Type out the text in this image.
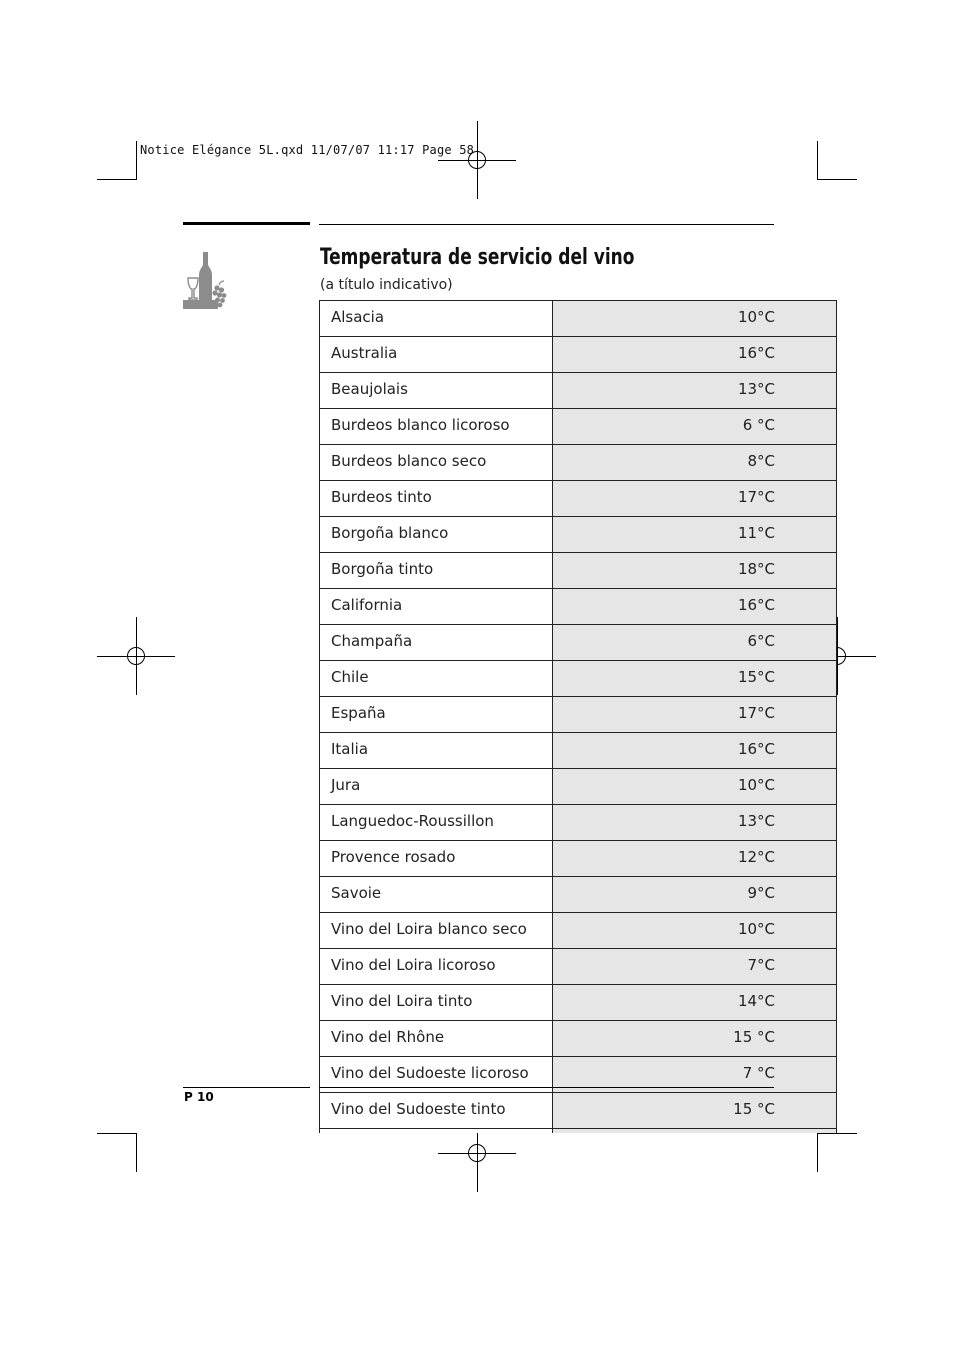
Notice Elégance 5L.qxd 11/07/07 11:17 Page 58
Temperatura de servicio del vino
(a título indicativo)
Alsacia	10°C
Australia	16°C
Beaujolais	13°C
Burdeos blanco licoroso	6 °C
Burdeos blanco seco	8°C
Burdeos tinto	17°C
Borgoña blanco	11°C
Borgoña tinto	18°C
California	16°C
Champaña	6°C
Chile	15°C
España	17°C
Italia	16°C
Jura	10°C
Languedoc-Roussillon	13°C
Provence rosado	12°C
Savoie	9°C
Vino del Loira blanco seco	10°C
Vino del Loira licoroso	7°C
Vino del Loira tinto	14°C
Vino del Rhône	15 °C
Vino del Sudoeste licoroso	7 °C
Vino del Sudoeste tinto	15 °C

P 10
